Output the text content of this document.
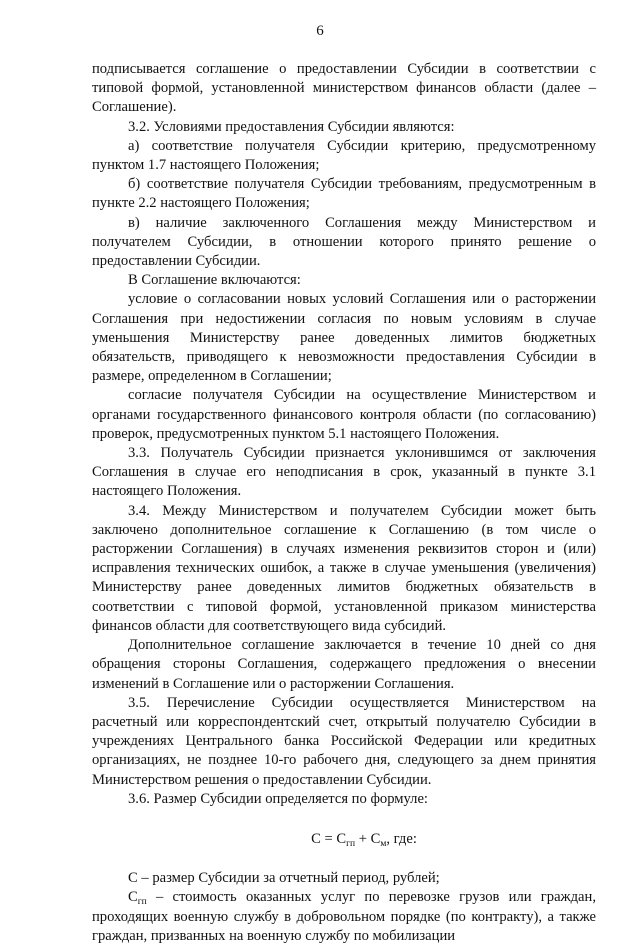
6

подписывается соглашение о предоставлении Субсидии в соответствии с типовой формой, установленной министерством финансов области (далее – Соглашение).

3.2. Условиями предоставления Субсидии являются:

а) соответствие получателя Субсидии критерию, предусмотренному пунктом 1.7 настоящего Положения;

б) соответствие получателя Субсидии требованиям, предусмотренным в пункте 2.2 настоящего Положения;

в) наличие заключенного Соглашения между Министерством и получателем Субсидии, в отношении которого принято решение о предоставлении Субсидии.

В Соглашение включаются:

условие о согласовании новых условий Соглашения или о расторжении Соглашения при недостижении согласия по новым условиям в случае уменьшения Министерству ранее доведенных лимитов бюджетных обязательств, приводящего к невозможности предоставления Субсидии в размере, определенном в Соглашении;

согласие получателя Субсидии на осуществление Министерством и органами государственного финансового контроля области (по согласованию) проверок, предусмотренных пунктом 5.1 настоящего Положения.

3.3. Получатель Субсидии признается уклонившимся от заключения Соглашения в случае его неподписания в срок, указанный в пункте 3.1 настоящего Положения.

3.4. Между Министерством и получателем Субсидии может быть заключено дополнительное соглашение к Соглашению (в том числе о расторжении Соглашения) в случаях изменения реквизитов сторон и (или) исправления технических ошибок, а также в случае уменьшения (увеличения) Министерству ранее доведенных лимитов бюджетных обязательств в соответствии с типовой формой, установленной приказом министерства финансов области для соответствующего вида субсидий.

Дополнительное соглашение заключается в течение 10 дней со дня обращения стороны Соглашения, содержащего предложения о внесении изменений в Соглашение или о расторжении Соглашения.

3.5. Перечисление Субсидии осуществляется Министерством на расчетный или корреспондентский счет, открытый получателю Субсидии в учреждениях Центрального банка Российской Федерации или кредитных организациях, не позднее 10-го рабочего дня, следующего за днем принятия Министерством решения о предоставлении Субсидии.

3.6. Размер Субсидии определяется по формуле:

$С = С_{гп} + С_м$, где:

С – размер Субсидии за отчетный период, рублей;

$С_{гп}$ – стоимость оказанных услуг по перевозке грузов или граждан, проходящих военную службу в добровольном порядке (по контракту), а также граждан, призванных на военную службу по мобилизации
